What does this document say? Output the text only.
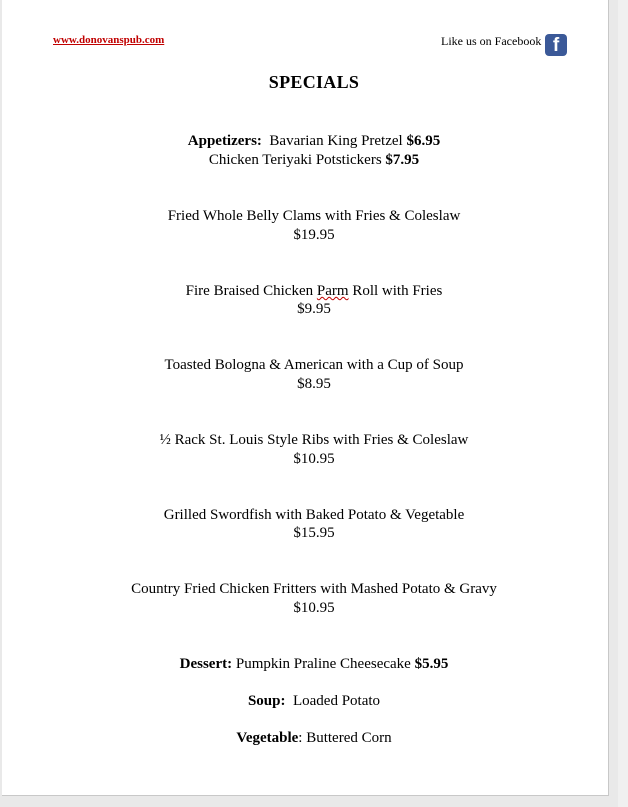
www.donovanspub.com	Like us on Facebook f
SPECIALS
Appetizers: Bavarian King Pretzel $6.95
Chicken Teriyaki Potstickers $7.95
Fried Whole Belly Clams with Fries & Coleslaw
$19.95
Fire Braised Chicken Parm Roll with Fries
$9.95
Toasted Bologna & American with a Cup of Soup
$8.95
½ Rack St. Louis Style Ribs with Fries & Coleslaw
$10.95
Grilled Swordfish with Baked Potato & Vegetable
$15.95
Country Fried Chicken Fritters with Mashed Potato & Gravy
$10.95
Dessert: Pumpkin Praline Cheesecake $5.95
Soup: Loaded Potato
Vegetable: Buttered Corn
